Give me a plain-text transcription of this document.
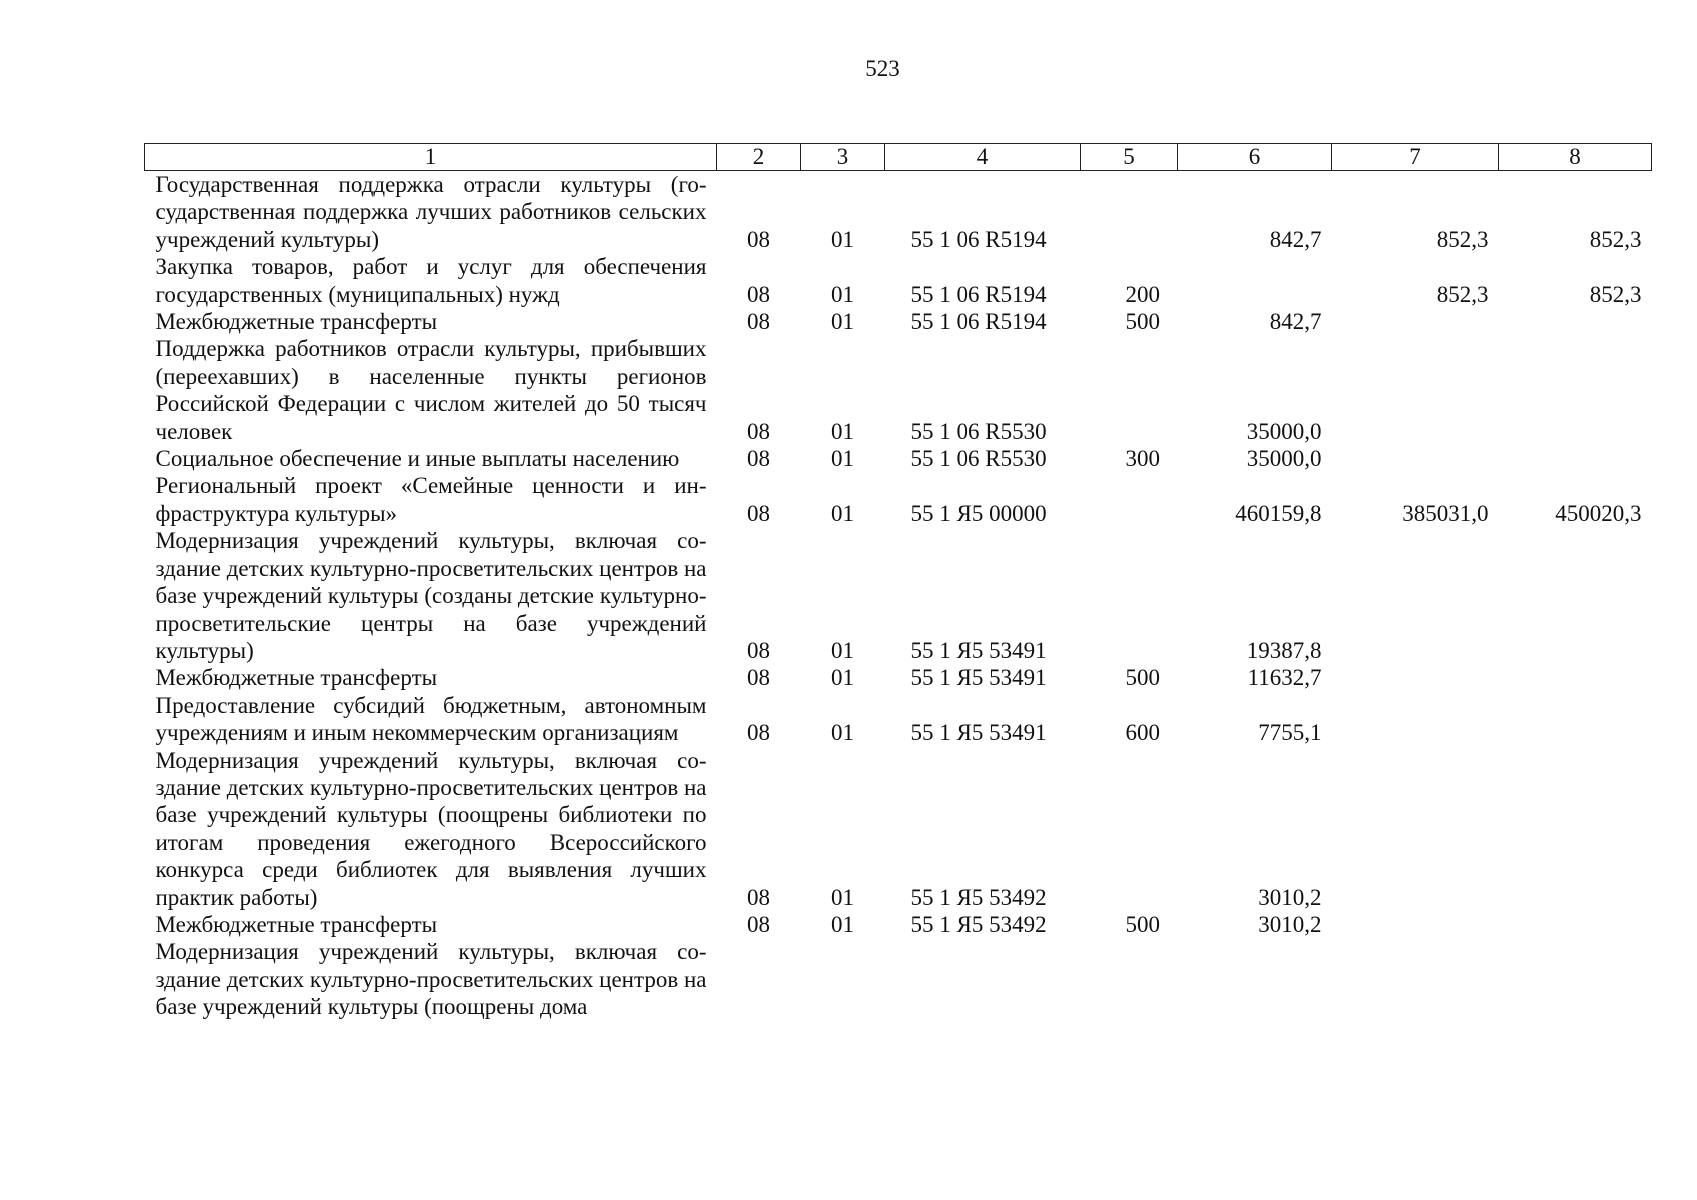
523
1	2	3	4	5	6	7	8
Государственная поддержка отрасли культуры (государственная поддержка лучших работников сельских учреждений культуры)	08	01	55 1 06 R5194		842,7	852,3	852,3
Закупка товаров, работ и услуг для обеспечения государственных (муниципальных) нужд	08	01	55 1 06 R5194	200		852,3	852,3
Межбюджетные трансферты	08	01	55 1 06 R5194	500	842,7		
Поддержка работников отрасли культуры, прибывших (переехавших) в населенные пункты регионов Российской Федерации с числом жителей до 50 тысяч человек	08	01	55 1 06 R5530		35000,0		
Социальное обеспечение и иные выплаты населению	08	01	55 1 06 R5530	300	35000,0		
Региональный проект «Семейные ценности и инфраструктура культуры»	08	01	55 1 Я5 00000		460159,8	385031,0	450020,3
Модернизация учреждений культуры, включая создание детских культурно-просветительских центров на базе учреждений культуры (созданы детские культурно-просветительские центры на базе учреждений культуры)	08	01	55 1 Я5 53491		19387,8		
Межбюджетные трансферты	08	01	55 1 Я5 53491	500	11632,7		
Предоставление субсидий бюджетным, автономным учреждениям и иным некоммерческим организациям	08	01	55 1 Я5 53491	600	7755,1		
Модернизация учреждений культуры, включая создание детских культурно-просветительских центров на базе учреждений культуры (поощрены библиотеки по итогам проведения ежегодного Всероссийского конкурса среди библиотек для выявления лучших практик работы)	08	01	55 1 Я5 53492		3010,2		
Межбюджетные трансферты	08	01	55 1 Я5 53492	500	3010,2		
Модернизация учреждений культуры, включая создание детских культурно-просветительских центров на базе учреждений культуры (поощрены дома							
